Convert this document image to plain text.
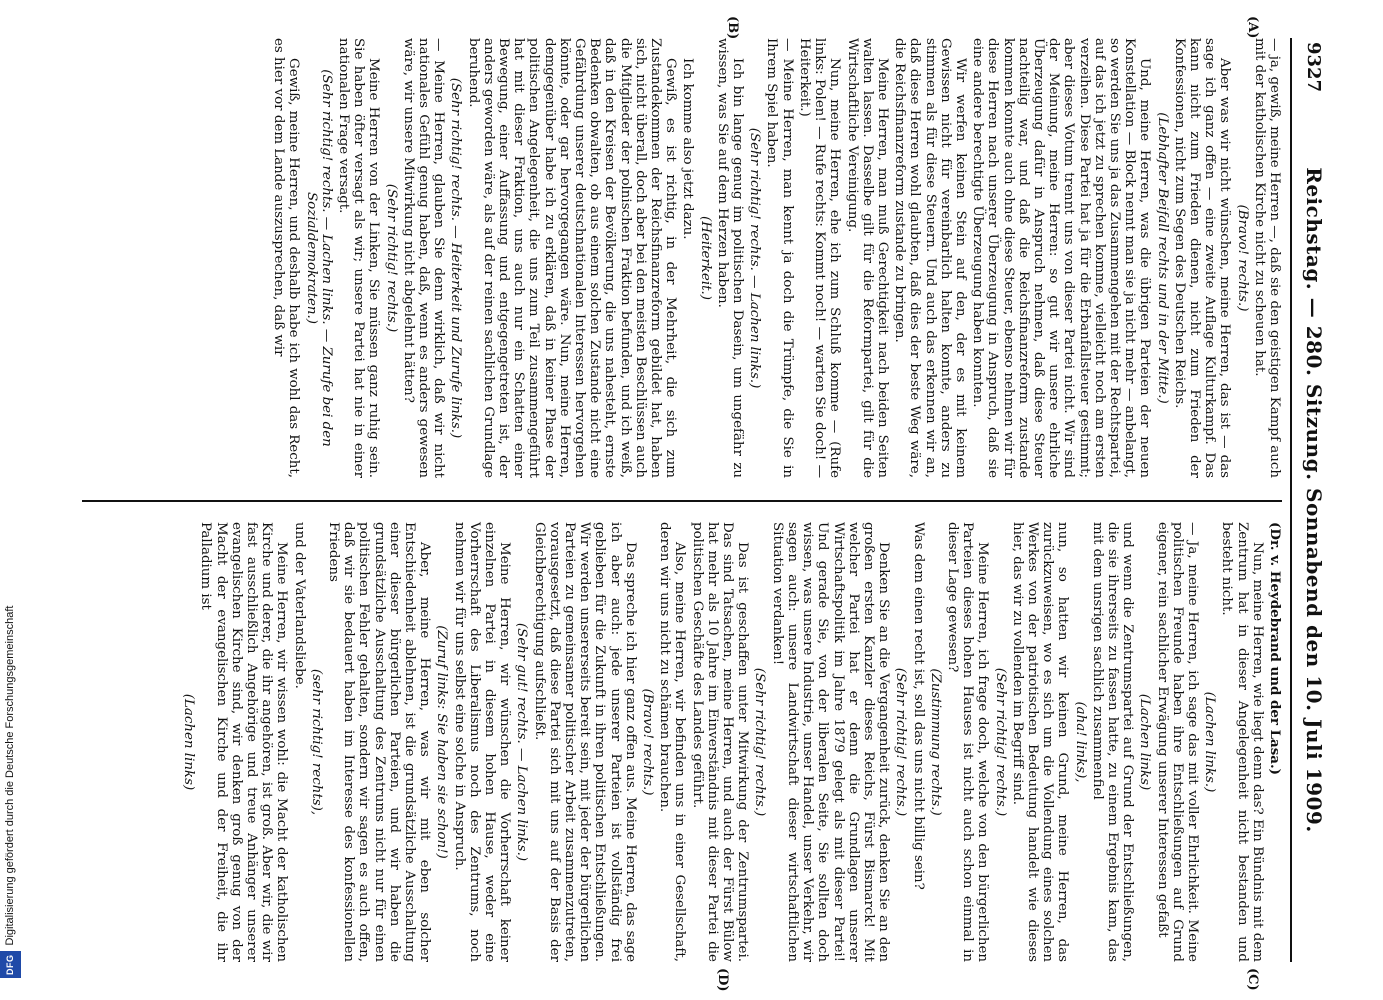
DFGDigitalisierung gefördert durch die Deutsche Forschungsgemeinschaft
9327
Reichstag. — 280. Sitzung. Sonnabend den 10. Juli 1909.
(A)
(B)
(C)
(D)

— ja, gewiß, meine Herren —, daß sie den geistigen Kampf auch mit der katholischen Kirche nicht zu scheuen hat.

(Bravo! rechts.)

Aber was wir nicht wünschen, meine Herren, das ist — das sage ich ganz offen — eine zweite Auflage Kulturkampf. Das kann nicht zum Frieden dienen, nicht zum Frieden der Konfessionen, nicht zum Segen des Deutschen Reichs.

(Lebhafter Beifall rechts und in der Mitte.)

Und, meine Herren, was die übrigen Parteien der neuen Konstellation — Block nennt man sie ja nicht mehr — anbelangt, so werden Sie uns ja das Zusammengehen mit der Rechtspartei, auf das ich jetzt zu sprechen komme, vielleicht noch am ersten verzeihen. Diese Partei hat ja für die Erbanfallsteuer gestimmt; aber dieses Votum trennt uns von dieser Partei nicht. Wir sind der Meinung, meine Herren: so gut wir unsere ehrliche Überzeugung dafür in Anspruch nehmen, daß diese Steuer nachteilig war, und daß die Reichsfinanzreform zustande kommen konnte auch ohne diese Steuer, ebenso nehmen wir für diese Herren nach unserer Überzeugung in Anspruch, daß sie eine andere berechtigte Überzeugung haben konnten.

Wir werfen keinen Stein auf den, der es mit keinem Gewissen nicht für vereinbarlich halten konnte, anders zu stimmen als für diese Steuern. Und auch das erkennen wir an, daß diese Herren wohl glaubten, daß dies der beste Weg wäre, die Reichsfinanzreform zustande zu bringen.

Meine Herren, man muß Gerechtigkeit nach beiden Seiten walten lassen. Dasselbe gilt für die Reformpartei, gilt für die Wirtschaftliche Vereinigung.

Nun, meine Herren, ehe ich zum Schluß komme — (Rufe links: Polen! — Rufe rechts: Kommt noch! — warten Sie doch! — Heiterkeit.)

— Meine Herren, man kennt ja doch die Trümpfe, die Sie in Ihrem Spiel haben.

(Sehr richtig! rechts. — Lachen links.)

Ich bin lange genug im politischen Dasein, um ungefähr zu wissen, was Sie auf dem Herzen haben.

(Heiterkeit.)

Ich komme also jetzt dazu.

Gewiß, es ist richtig, in der Mehrheit, die sich zum Zustandekommen der Reichsfinanzreform gebildet hat, haben sich, nicht überall, doch aber bei den meisten Beschlüssen auch die Mitglieder der polnischen Fraktion befunden, und ich weiß, daß in den Kreisen der Bevölkerung, die uns nahesteht, ernste Bedenken obwalten, ob aus einem solchen Zustande nicht eine Gefährdung unserer deutschnationalen Interessen hervorgehen könnte, oder gar hervorgegangen wäre. Nun, meine Herren, demgegenüber habe ich zu erklären, daß in keiner Phase der politischen Angelegenheit, die uns zum Teil zusammengeführt hat mit dieser Fraktion, uns auch nur ein Schatten einer Bewegung, einer Auffassung und entgegengetreten ist, der anders geworden wäre, als auf der reinen sachlichen Grundlage beruhend.

(Sehr richtig! rechts. — Heiterkeit und Zurufe links.)

— Meine Herren, glauben Sie denn wirklich, daß wir nicht nationales Gefühl genug haben, daß, wenn es anders gewesen wäre, wir unsere Mitwirkung nicht abgelehnt hätten?

(Sehr richtig! rechts.)

Meine Herren von der Linken, Sie müssen ganz ruhig sein. Sie haben öfter versagt als wir; unsere Partei hat nie in einer nationalen Frage versagt.

(Sehr richtig! rechts. — Lachen links. — Zurufe bei den Sozialdemokraten.)

Gewiß, meine Herren, und deshalb habe ich wohl das Recht, es hier vor dem Lande auszusprechen, daß wir

(Dr. v. Heydebrand und der Lasa.)

Nun, meine Herren, wie liegt denn das? Ein Bündnis mit dem Zentrum hat in dieser Angelegenheit nicht bestanden und besteht nicht.

(Lachen links.)

— Ja, meine Herren, ich sage das mit voller Ehrlichkeit. Meine politischen Freunde haben ihre Entschließungen auf Grund eigener, rein sachlicher Erwägung unserer Interessen gefaßt

(Lachen links)

und wenn die Zentrumspartei auf Grund der Entschließungen, die sie ihrerseits zu fassen hatte, zu einem Ergebnis kam, das mit dem unsrigen sachlich zusammenfiel

(aha! links),

nun, so hatten wir keinen Grund, meine Herren, das zurückzuweisen, wo es sich um die Vollendung eines solchen Werkes von der patriotischen Bedeutung handelt wie dieses hier, das wir zu vollenden im Begriff sind.

(Sehr richtig! rechts.)

Meine Herren, ich frage doch, welche von den bürgerlichen Parteien dieses hohen Hauses ist nicht auch schon einmal in dieser Lage gewesen?

(Zustimmung rechts.)

Was dem einen recht ist, soll das uns nicht billig sein?

(Sehr richtig! rechts.)

Denken Sie an die Vergangenheit zurück, denken Sie an den großen ersten Kanzler dieses Reichs, Fürst Bismarck! Mit welcher Partei hat er denn die Grundlagen unserer Wirtschaftspolitik im Jahre 1879 gelegt als mit dieser Partei! Und gerade Sie, von der liberalen Seite, Sie sollten doch wissen, was unsere Industrie, unser Handel, unser Verkehr, wir sagen auch: unsere Landwirtschaft dieser wirtschaftlichen Situation verdanken!

(Sehr richtig! rechts.)

Das ist geschaffen unter Mitwirkung der Zentrumspartei. Das sind Tatsachen, meine Herren, und auch der Fürst Bülow hat mehr als 10 Jahre im Einverständnis mit dieser Partei die politischen Geschäfte des Landes geführt.

Also, meine Herren, wir befinden uns in einer Gesellschaft, deren wir uns nicht zu schämen brauchen.

(Bravo! rechts.)

Das spreche ich hier ganz offen aus. Meine Herren, das sage ich aber auch: jede unserer Parteien ist vollständig frei geblieben für die Zukunft in ihren politischen Entschließungen. Wir werden unsererseits bereit sein, mit jeder der bürgerlichen Parteien zu gemeinsamer politischer Arbeit zusammenzutreten, vorausgesetzt, daß diese Partei sich mit uns auf der Basis der Gleichberechtigung aufschließt.

(Sehr gut! rechts. — Lachen links.)

Meine Herren, wir wünschen die Vorherrschaft keiner einzelnen Partei in diesem hohen Hause, weder eine Vorherrschaft des Liberalismus noch des Zentrums, noch nehmen wir für uns selbst eine solche in Anspruch.

(Zuruf links: Sie haben sie schon!)

Aber, meine Herren, was wir mit eben solcher Entschiedenheit ablehnen, ist die grundsätzliche Ausschaltung einer dieser bürgerlichen Parteien, und wir haben die grundsätzliche Ausschaltung des Zentrums nicht nur für einen politischen Fehler gehalten, sondern wir sagen es auch offen, daß wir sie bedauert haben im Interesse des konfessionellen Friedens

(sehr richtig! rechts),

und der Vaterlandsliebe.

Meine Herren, wir wissen wohl: die Macht der katholischen Kirche und derer, die ihr angehören, ist groß. Aber wir, die wir fast ausschließlich Angehörige und treue Anhänger unserer evangelischen Kirche sind, wir denken groß genug von der Macht der evangelischen Kirche und der Freiheit, die ihr Palladium ist

(Lachen links)
